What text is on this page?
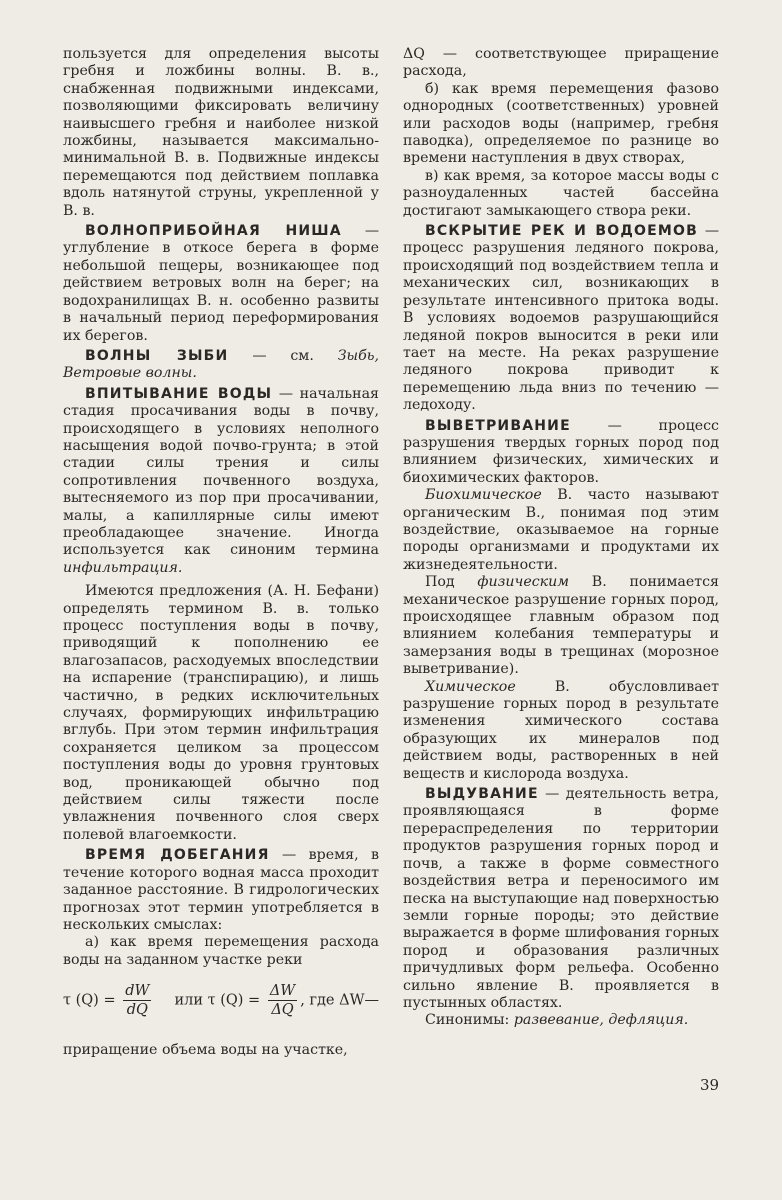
пользуется для определения высоты гребня и ложбины волны. В. в., снабженная подвижными индексами, позволяющими фиксировать величину наивысшего гребня и наиболее низкой ложбины, называется максимально-минимальной В. в. Подвижные индексы перемещаются под действием поплавка вдоль натянутой струны, укрепленной у В. в.

ВОЛНОПРИБОЙНАЯ НИША — углубление в откосе берега в форме небольшой пещеры, возникающее под действием ветровых волн на берег; на водохранилищах В. н. особенно развиты в начальный период переформирования их берегов.

ВОЛНЫ ЗЫБИ — см. Зыбь, Ветровые волны.

ВПИТЫВАНИЕ ВОДЫ — начальная стадия просачивания воды в почву, происходящего в условиях неполного насыщения водой почво-грунта; в этой стадии силы трения и силы сопротивления почвенного воздуха, вытесняемого из пор при просачивании, малы, а капиллярные силы имеют преобладающее значение. Иногда используется как синоним термина инфильтрация.

Имеются предложения (А. Н. Бефани) определять термином В. в. только процесс поступления воды в почву, приводящий к пополнению ее влагозапасов, расходуемых впоследствии на испарение (транспирацию), и лишь частично, в редких исключительных случаях, формирующих инфильтрацию вглубь. При этом термин инфильтрация сохраняется целиком за процессом поступления воды до уровня грунтовых вод, проникающей обычно под действием силы тяжести после увлажнения почвенного слоя сверх полевой влагоемкости.

ВРЕМЯ ДОБЕГАНИЯ — время, в течение которого водная масса проходит заданное расстояние. В гидрологических прогнозах этот термин употребляется в нескольких смыслах:

а) как время перемещения расхода воды на заданном участке реки

τ $(Q) = \frac{dW}{dQ}$ или τ $(Q) = \frac{\Delta W}{\Delta Q}$ , где ΔW—

приращение объема воды на участке,

ΔQ — соответствующее приращение расхода,

б) как время перемещения фазово однородных (соответственных) уровней или расходов воды (например, гребня паводка), определяемое по разнице во времени наступления в двух створах,

в) как время, за которое массы воды с разноудаленных частей бассейна достигают замыкающего створа реки.

ВСКРЫТИЕ РЕК И ВОДОЕМОВ — процесс разрушения ледяного покрова, происходящий под воздействием тепла и механических сил, возникающих в результате интенсивного притока воды. В условиях водоемов разрушающийся ледяной покров выносится в реки или тает на месте. На реках разрушение ледяного покрова приводит к перемещению льда вниз по течению — ледоходу.

ВЫВЕТРИВАНИЕ — процесс разрушения твердых горных пород под влиянием физических, химических и биохимических факторов.

Биохимическое В. часто называют органическим В., понимая под этим воздействие, оказываемое на горные породы организмами и продуктами их жизнедеятельности.

Под физическим В. понимается механическое разрушение горных пород, происходящее главным образом под влиянием колебания температуры и замерзания воды в трещинах (морозное выветривание).

Химическое В. обусловливает разрушение горных пород в результате изменения химического состава образующих их минералов под действием воды, растворенных в ней веществ и кислорода воздуха.

ВЫДУВАНИЕ — деятельность ветра, проявляющаяся в форме перераспределения по территории продуктов разрушения горных пород и почв, а также в форме совместного воздействия ветра и переносимого им песка на выступающие над поверхностью земли горные породы; это действие выражается в форме шлифования горных пород и образования различных причудливых форм рельефа. Особенно сильно явление В. проявляется в пустынных областях.

Синонимы: развевание, дефляция.

39
